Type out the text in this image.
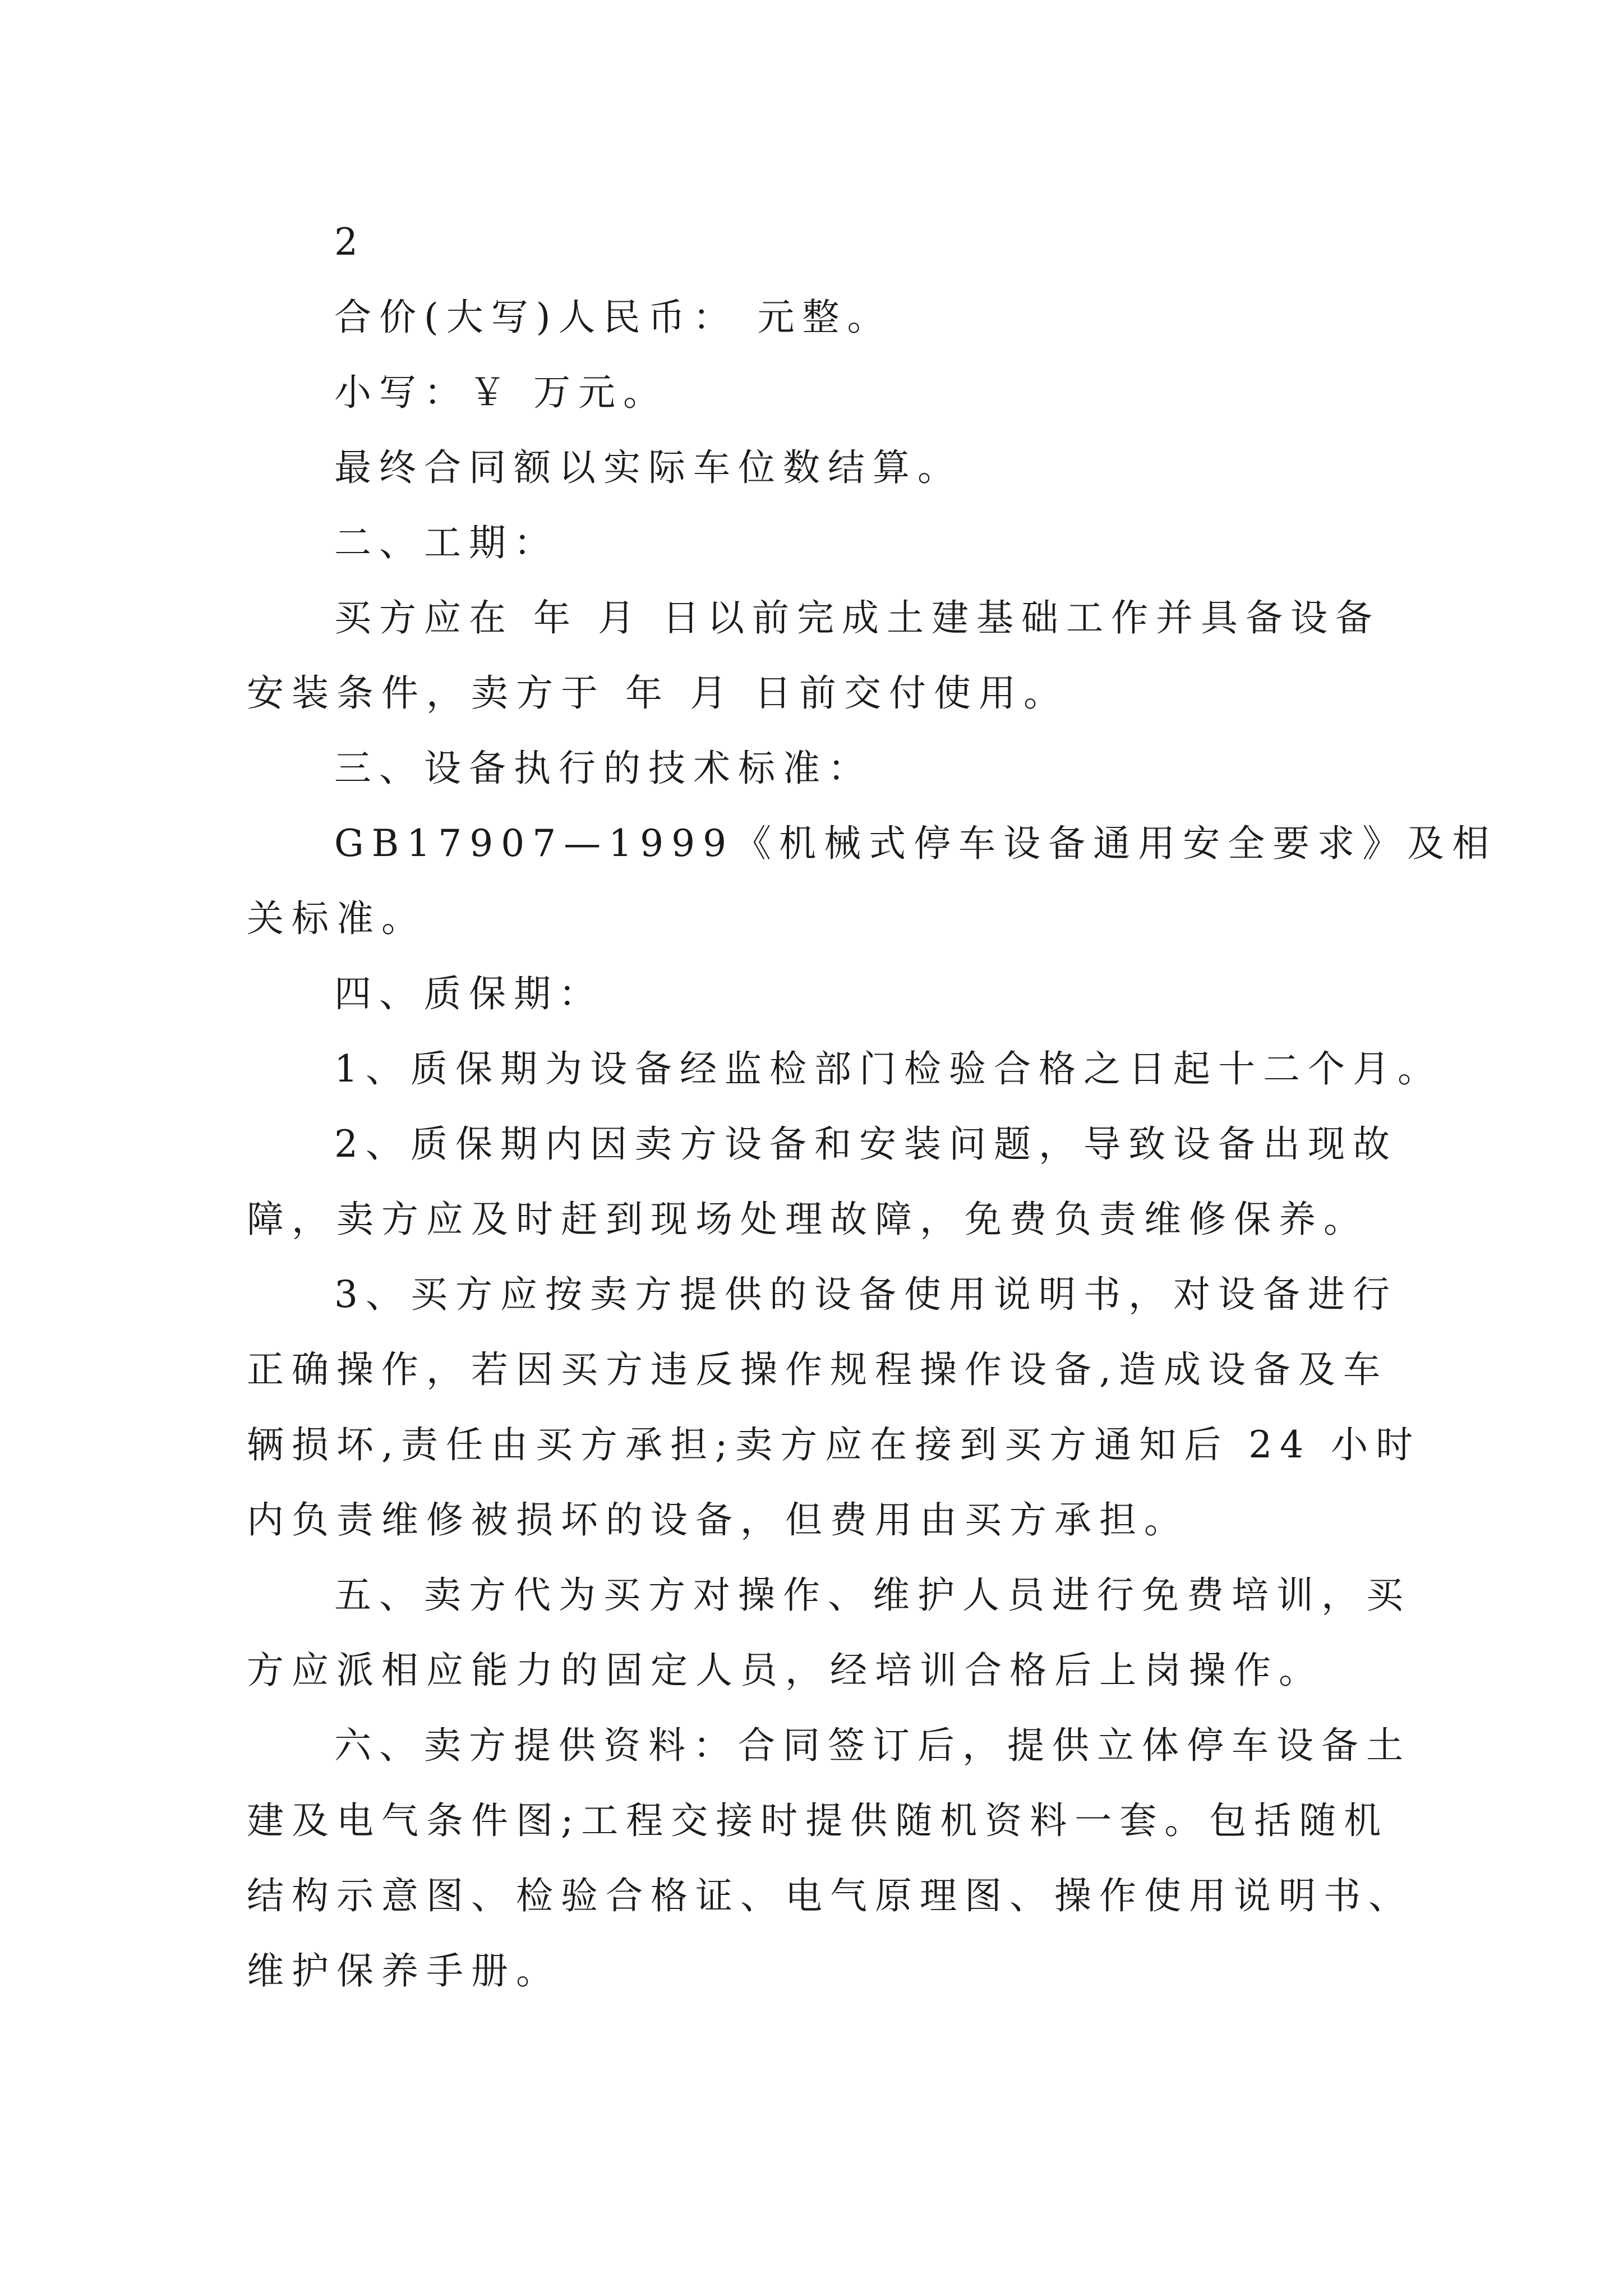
2
合价(大写)人民币： 元整。
小写：￥ 万元。
最终合同额以实际车位数结算。
二、工期：
买方应在 年 月 日以前完成土建基础工作并具备设备
安装条件，卖方于 年 月 日前交付使用。
三、设备执行的技术标准：
GB17907—1999《机械式停车设备通用安全要求》及相
关标准。
四、质保期：
1、质保期为设备经监检部门检验合格之日起十二个月。
2、质保期内因卖方设备和安装问题，导致设备出现故
障，卖方应及时赶到现场处理故障，免费负责维修保养。
3、买方应按卖方提供的设备使用说明书，对设备进行
正确操作，若因买方违反操作规程操作设备,造成设备及车
辆损坏,责任由买方承担;卖方应在接到买方通知后 24 小时
内负责维修被损坏的设备，但费用由买方承担。
五、卖方代为买方对操作、维护人员进行免费培训，买
方应派相应能力的固定人员，经培训合格后上岗操作。
六、卖方提供资料：合同签订后，提供立体停车设备土
建及电气条件图;工程交接时提供随机资料一套。包括随机
结构示意图、检验合格证、电气原理图、操作使用说明书、
维护保养手册。
